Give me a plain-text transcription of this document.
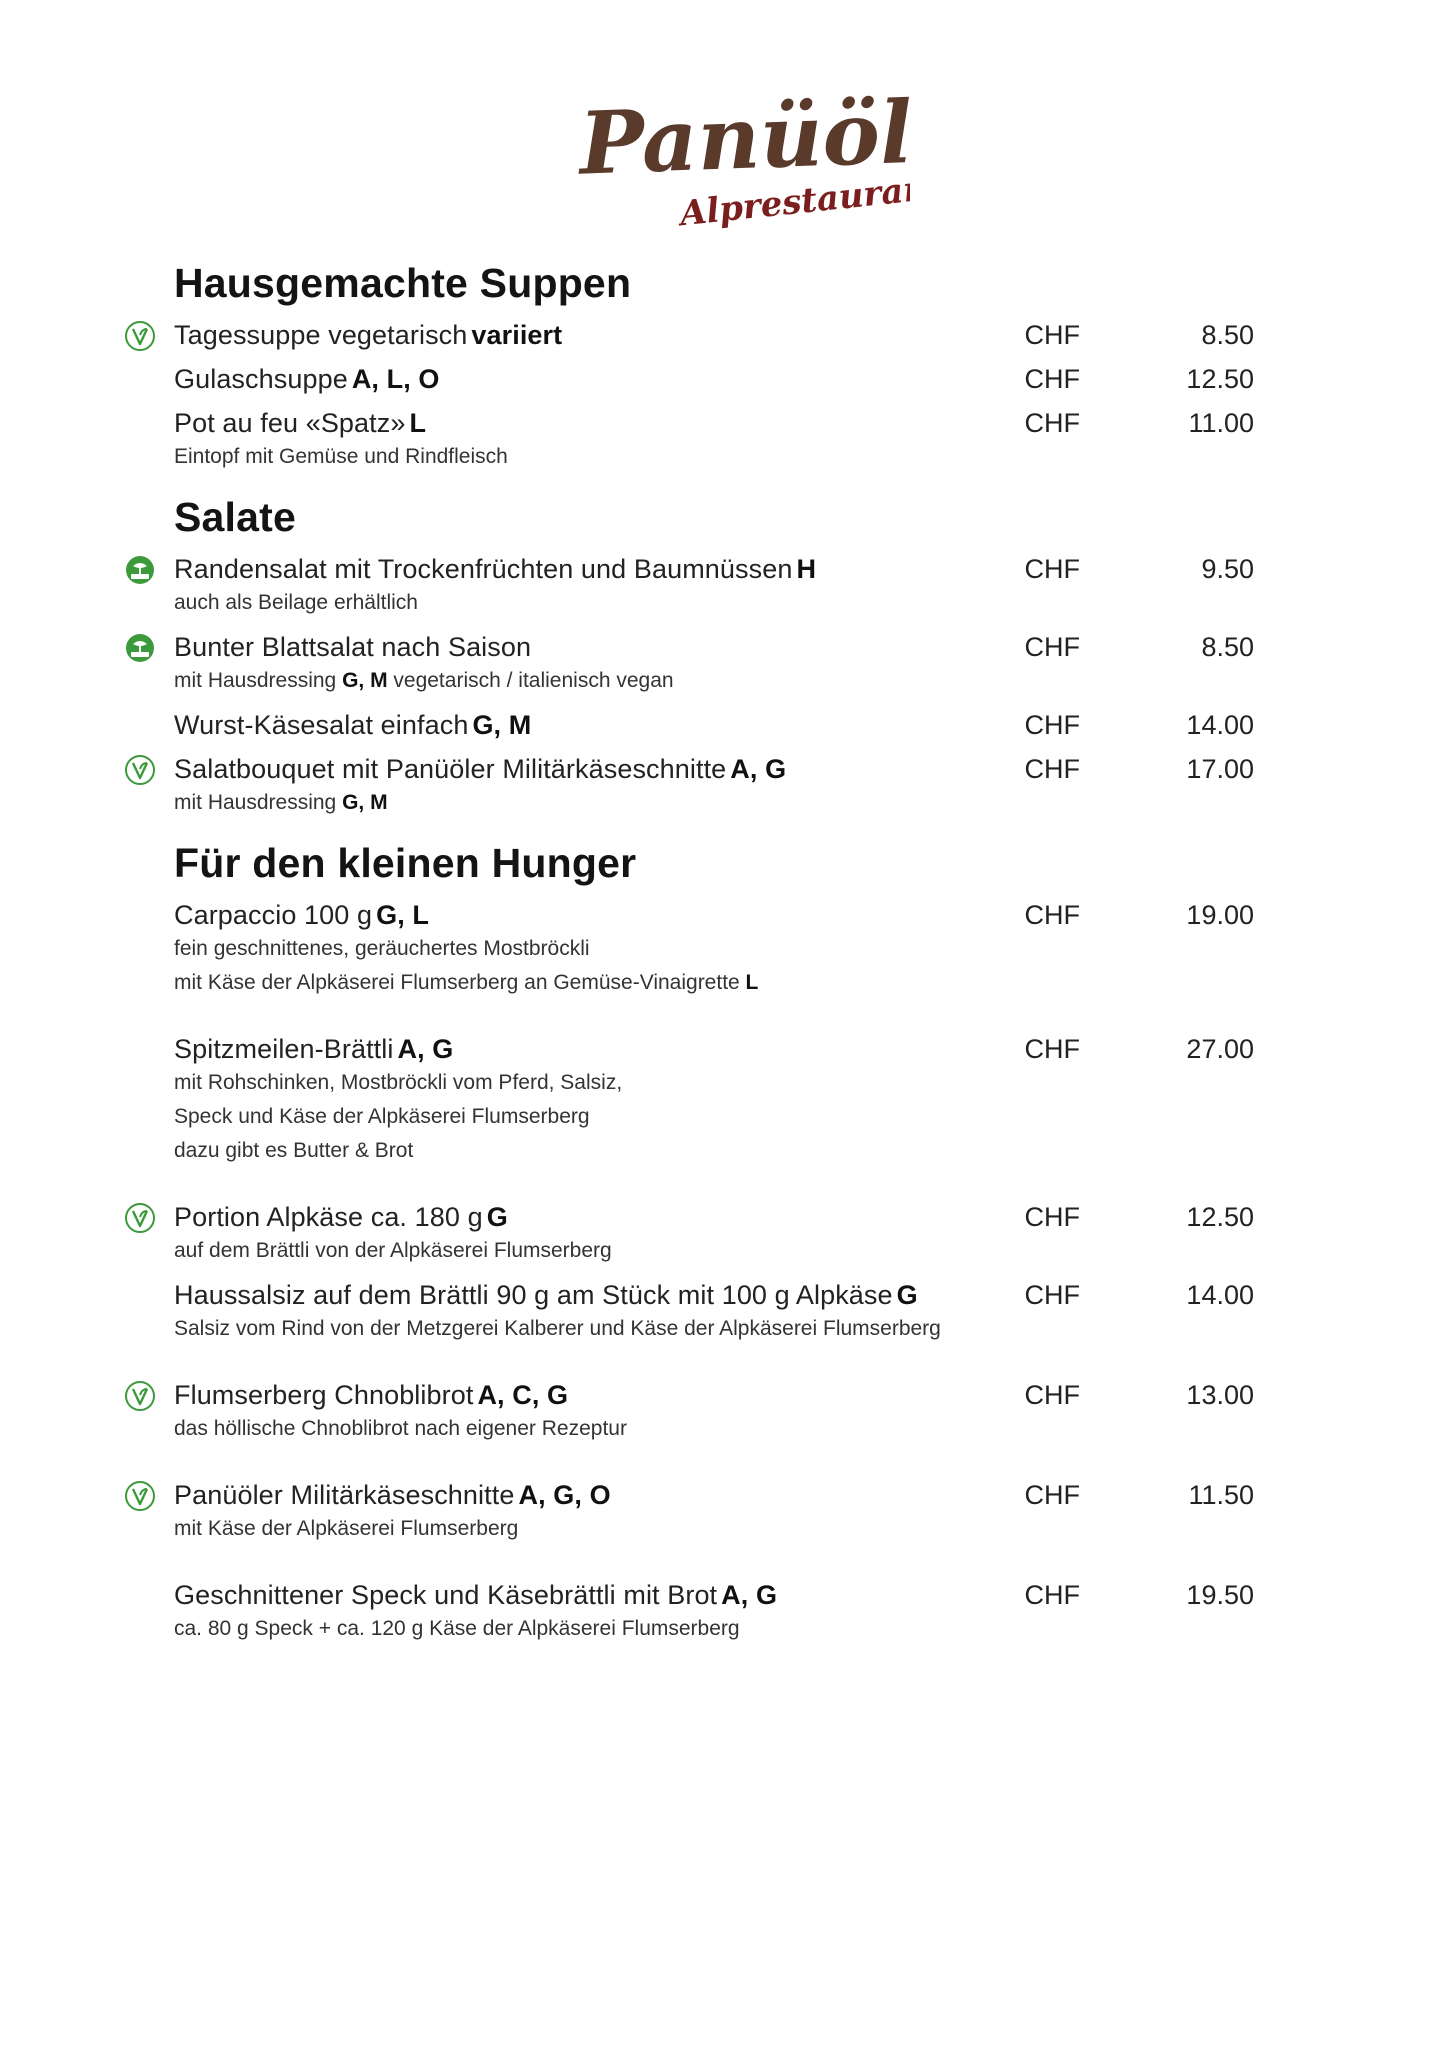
Panüöl
Alprestaurant
Hausgemachte Suppen
Tagessuppe vegetarisch variiert	CHF	8.50
Gulaschsuppe A, L, O	CHF	12.50
Pot au feu «Spatz» L	CHF	11.00
Eintopf mit Gemüse und Rindfleisch
Salate
Randensalat mit Trockenfrüchten und Baumnüssen H	CHF	9.50
auch als Beilage erhältlich
Bunter Blattsalat nach Saison	CHF	8.50
mit Hausdressing G, M vegetarisch / italienisch vegan
Wurst-Käsesalat einfach G, M	CHF	14.00
Salatbouquet mit Panüöler Militärkäseschnitte A, G	CHF	17.00
mit Hausdressing G, M
Für den kleinen Hunger
Carpaccio 100 g G, L	CHF	19.00
fein geschnittenes, geräuchertes Mostbröckli
mit Käse der Alpkäserei Flumserberg an Gemüse-Vinaigrette L
Spitzmeilen-Brättli A, G	CHF	27.00
mit Rohschinken, Mostbröckli vom Pferd, Salsiz,
Speck und Käse der Alpkäserei Flumserberg
dazu gibt es Butter & Brot
Portion Alpkäse ca. 180 g G	CHF	12.50
auf dem Brättli von der Alpkäserei Flumserberg
Haussalsiz auf dem Brättli 90 g am Stück mit 100 g Alpkäse G	CHF	14.00
Salsiz vom Rind von der Metzgerei Kalberer und Käse der Alpkäserei Flumserberg
Flumserberg Chnoblibrot A, C, G	CHF	13.00
das höllische Chnoblibrot nach eigener Rezeptur
Panüöler Militärkäseschnitte A, G, O	CHF	11.50
mit Käse der Alpkäserei Flumserberg
Geschnittener Speck und Käsebrättli mit Brot A, G	CHF	19.50
ca. 80 g Speck + ca. 120 g Käse der Alpkäserei Flumserberg
